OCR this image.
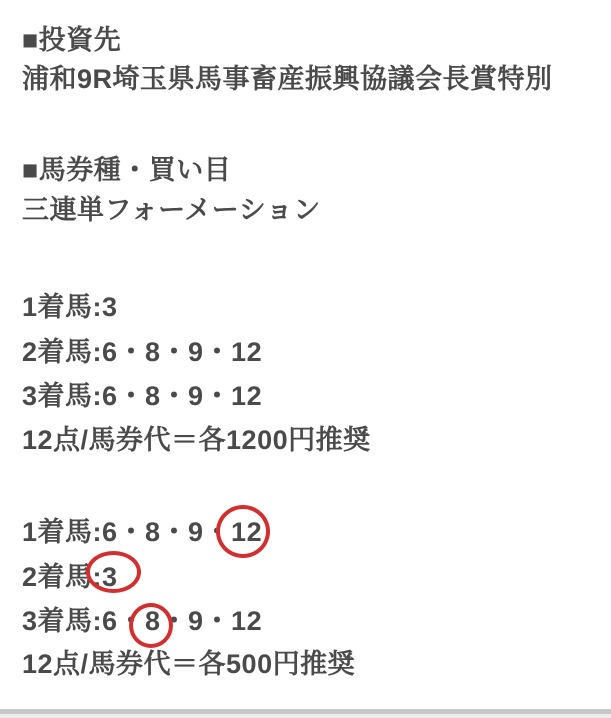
■投資先
浦和9R埼玉県馬事畜産振興協議会長賞特別
■馬券種・買い目
三連単フォーメーション
1着馬:3
2着馬:6・8・9・12
3着馬:6・8・9・12
12点/馬券代＝各1200円推奨
1着馬:6・8・9・12
2着馬:3
3着馬:6・8・9・12
12点/馬券代＝各500円推奨
